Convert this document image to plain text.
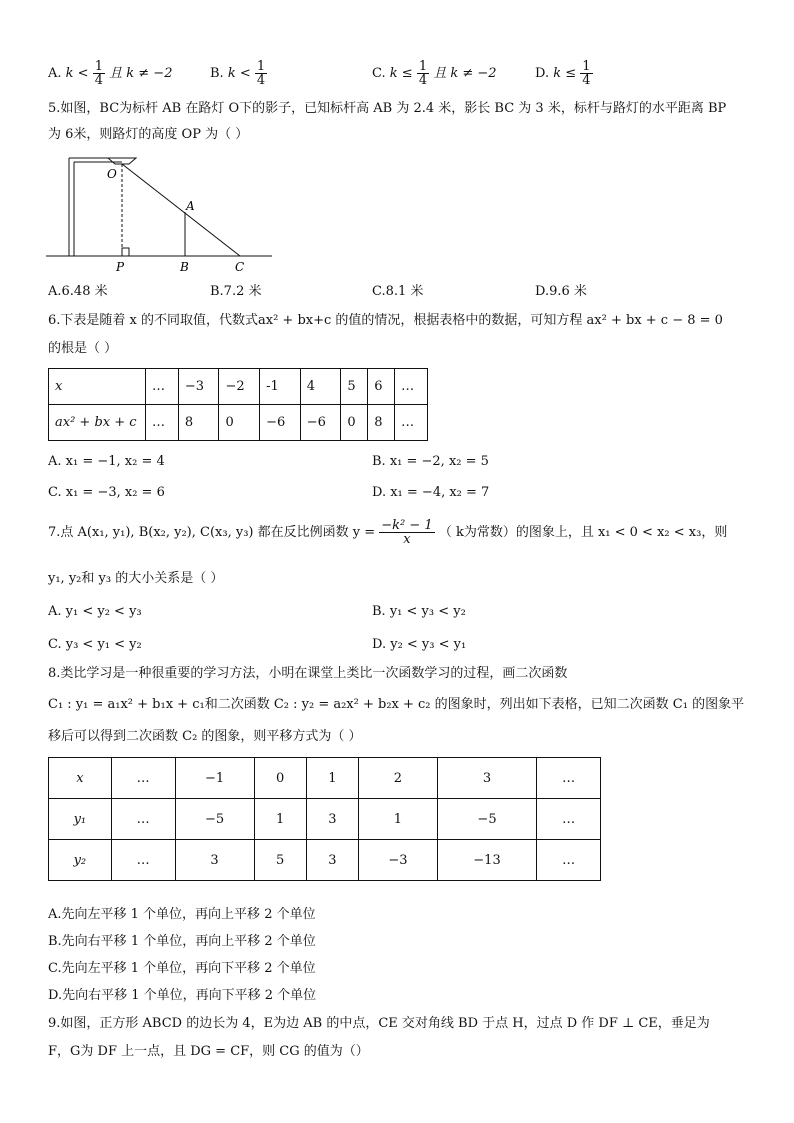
A. $k < \frac{1}{4}$ 且 k ≠ −2	B. $k < \frac{1}{4}$	C. $k \le \frac{1}{4}$ 且 k ≠ −2	D. $k \le \frac{1}{4}$
5.如图，BC为标杆 AB 在路灯 O下的影子，已知标杆高 AB 为 2.4 米，影长 BC 为 3 米，标杆与路灯的水平距离 BP
为 6米，则路灯的高度 OP 为（ ）
O
A
P	B	C
A.6.48 米	B.7.2 米	C.8.1 米	D.9.6 米
6.下表是随着 x 的不同取值，代数式ax² + bx+c 的值的情况，根据表格中的数据，可知方程 ax² + bx + c − 8 = 0
的根是（ ）
x	…	−3	−2	-1	4	5	6	…
ax² + bx + c	…	8	0	−6	−6	0	8	…
A. x₁ = −1, x₂ = 4	B. x₁ = −2, x₂ = 5
C. x₁ = −3, x₂ = 6	D. x₁ = −4, x₂ = 7
7.点 A(x₁, y₁), B(x₂, y₂), C(x₃, y₃) 都在反比例函数 $y = \frac{\text{−k² − 1}}{x}$ （ k为常数）的图象上，且 x₁ < 0 < x₂ < x₃，则
y₁, y₂和 y₃ 的大小关系是（ ）
A. y₁ < y₂ < y₃	B. y₁ < y₃ < y₂
C. y₃ < y₁ < y₂	D. y₂ < y₃ < y₁
8.类比学习是一种很重要的学习方法，小明在课堂上类比一次函数学习的过程，画二次函数
C₁ : y₁ = a₁x² + b₁x + c₁和二次函数 C₂ : y₂ = a₂x² + b₂x + c₂ 的图象时，列出如下表格，已知二次函数 C₁ 的图象平
移后可以得到二次函数 C₂ 的图象，则平移方式为（ ）
x	…	−1	0	1	2	3	…
y₁	…	−5	1	3	1	−5	…
y₂	…	3	5	3	−3	−13	…
A.先向左平移 1 个单位，再向上平移 2 个单位
B.先向右平移 1 个单位，再向上平移 2 个单位
C.先向左平移 1 个单位，再向下平移 2 个单位
D.先向右平移 1 个单位，再向下平移 2 个单位
9.如图，正方形 ABCD 的边长为 4，E为边 AB 的中点，CE 交对角线 BD 于点 H，过点 D 作 DF ⊥ CE，垂足为
F，G为 DF 上一点，且 DG = CF，则 CG 的值为（）
